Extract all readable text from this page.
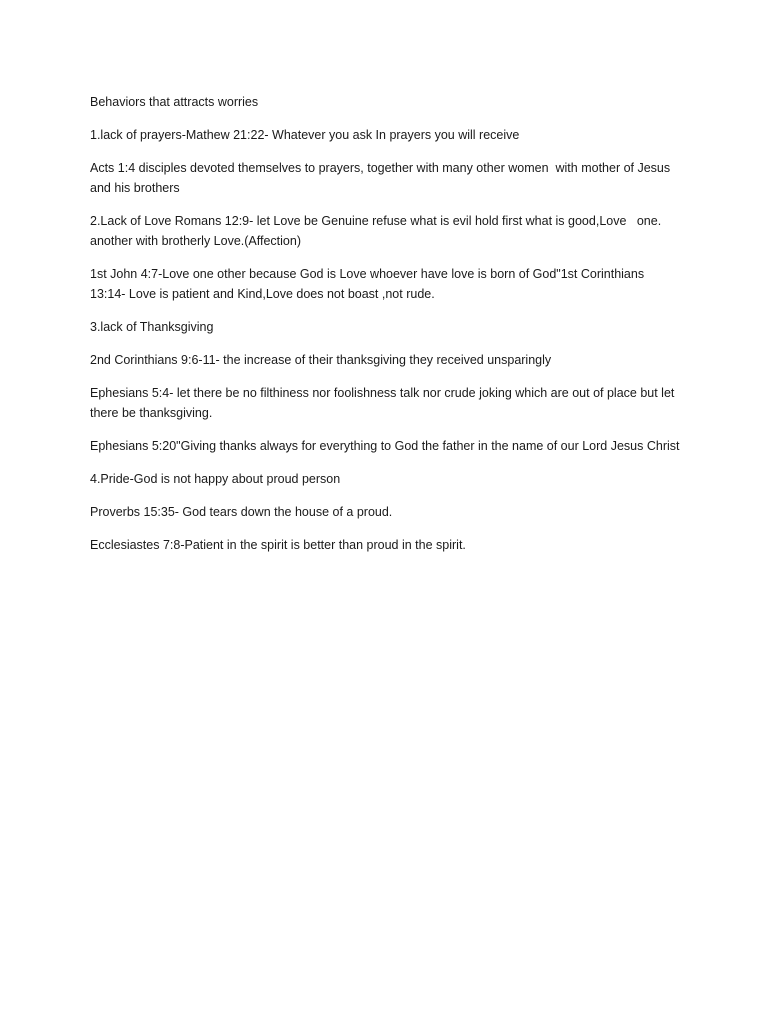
Behaviors that attracts worries

1.lack of prayers-Mathew 21:22- Whatever you ask In prayers you will receive

Acts 1:4 disciples devoted themselves to prayers, together with many other women  with mother of Jesus and his brothers

2.Lack of Love Romans 12:9- let Love be Genuine refuse what is evil hold first what is good,Love   one. another with brotherly Love.(Affection)

1st John 4:7-Love one other because God is Love whoever have love is born of God"1st Corinthians 13:14- Love is patient and Kind,Love does not boast ,not rude.

3.lack of Thanksgiving

2nd Corinthians 9:6-11- the increase of their thanksgiving they received unsparingly

Ephesians 5:4- let there be no filthiness nor foolishness talk nor crude joking which are out of place but let there be thanksgiving.

Ephesians 5:20"Giving thanks always for everything to God the father in the name of our Lord Jesus Christ

4.Pride-God is not happy about proud person

Proverbs 15:35- God tears down the house of a proud.

Ecclesiastes 7:8-Patient in the spirit is better than proud in the spirit.
